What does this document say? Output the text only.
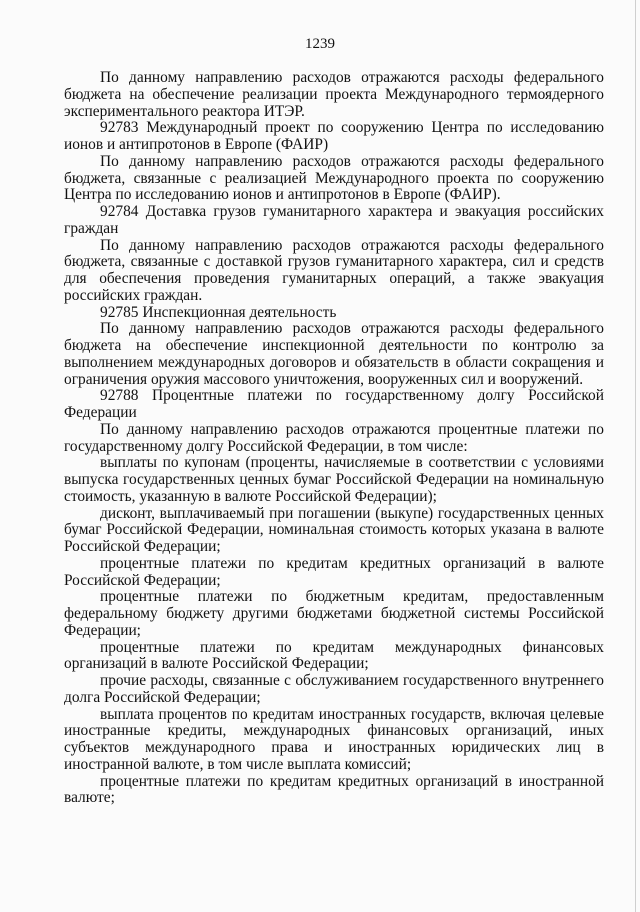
1239

По данному направлению расходов отражаются расходы федерального бюджета на обеспечение реализации проекта Международного термоядерного экспериментального реактора ИТЭР.

92783 Международный проект по сооружению Центра по исследованию ионов и антипротонов в Европе (ФАИР)

По данному направлению расходов отражаются расходы федерального бюджета, связанные с реализацией Международного проекта по сооружению Центра по исследованию ионов и антипротонов в Европе (ФАИР).

92784 Доставка грузов гуманитарного характера и эвакуация российских граждан

По данному направлению расходов отражаются расходы федерального бюджета, связанные с доставкой грузов гуманитарного характера, сил и средств для обеспечения проведения гуманитарных операций, а также эвакуация российских граждан.

92785 Инспекционная деятельность

По данному направлению расходов отражаются расходы федерального бюджета на обеспечение инспекционной деятельности по контролю за выполнением международных договоров и обязательств в области сокращения и ограничения оружия массового уничтожения, вооруженных сил и вооружений.

92788 Процентные платежи по государственному долгу Российской Федерации

По данному направлению расходов отражаются процентные платежи по государственному долгу Российской Федерации, в том числе:

выплаты по купонам (проценты, начисляемые в соответствии с условиями выпуска государственных ценных бумаг Российской Федерации на номинальную стоимость, указанную в валюте Российской Федерации);

дисконт, выплачиваемый при погашении (выкупе) государственных ценных бумаг Российской Федерации, номинальная стоимость которых указана в валюте Российской Федерации;

процентные платежи по кредитам кредитных организаций в валюте Российской Федерации;

процентные платежи по бюджетным кредитам, предоставленным федеральному бюджету другими бюджетами бюджетной системы Российской Федерации;

процентные платежи по кредитам международных финансовых организаций в валюте Российской Федерации;

прочие расходы, связанные с обслуживанием государственного внутреннего долга Российской Федерации;

выплата процентов по кредитам иностранных государств, включая целевые иностранные кредиты, международных финансовых организаций, иных субъектов международного права и иностранных юридических лиц в иностранной валюте, в том числе выплата комиссий;

процентные платежи по кредитам кредитных организаций в иностранной валюте;
